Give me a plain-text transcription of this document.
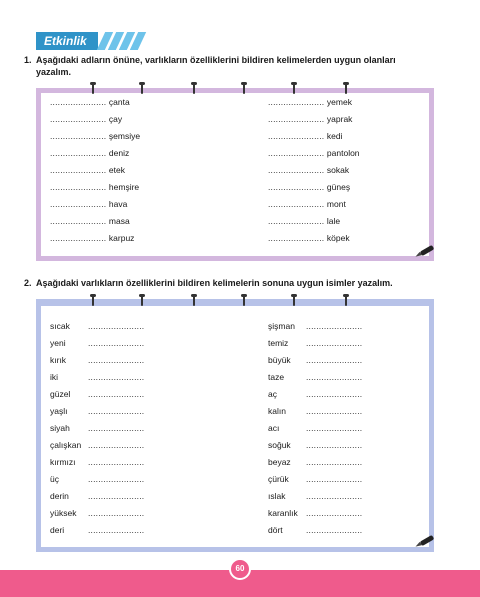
Etkinlik
1. Aşağıdaki adların önüne, varlıkların özelliklerini bildiren kelimelerden uygun olanları
yazalım.
...................... çanta
...................... çay
...................... şemsiye
...................... deniz
...................... etek
...................... hemşire
...................... hava
...................... masa
...................... karpuz
...................... yemek
...................... yaprak
...................... kedi
...................... pantolon
...................... sokak
...................... güneş
...................... mont
...................... lale
...................... köpek
2. Aşağıdaki varlıkların özelliklerini bildiren kelimelerin sonuna uygun isimler yazalım.
sıcak ......................
yeni	......................
kırık	......................
iki	......................
güzel ......................
yaşlı ......................
siyah ......................
çalışkan ......................
kırmızı ......................
üç	......................
derin ......................
yüksek ......................
deri	......................
şişman ......................
temiz ......................
büyük ......................
taze	......................
aç	......................
kalın ......................
acı	......................
soğuk ......................
beyaz ......................
çürük ......................
ıslak ......................
karanlık ......................
dört	......................
60
